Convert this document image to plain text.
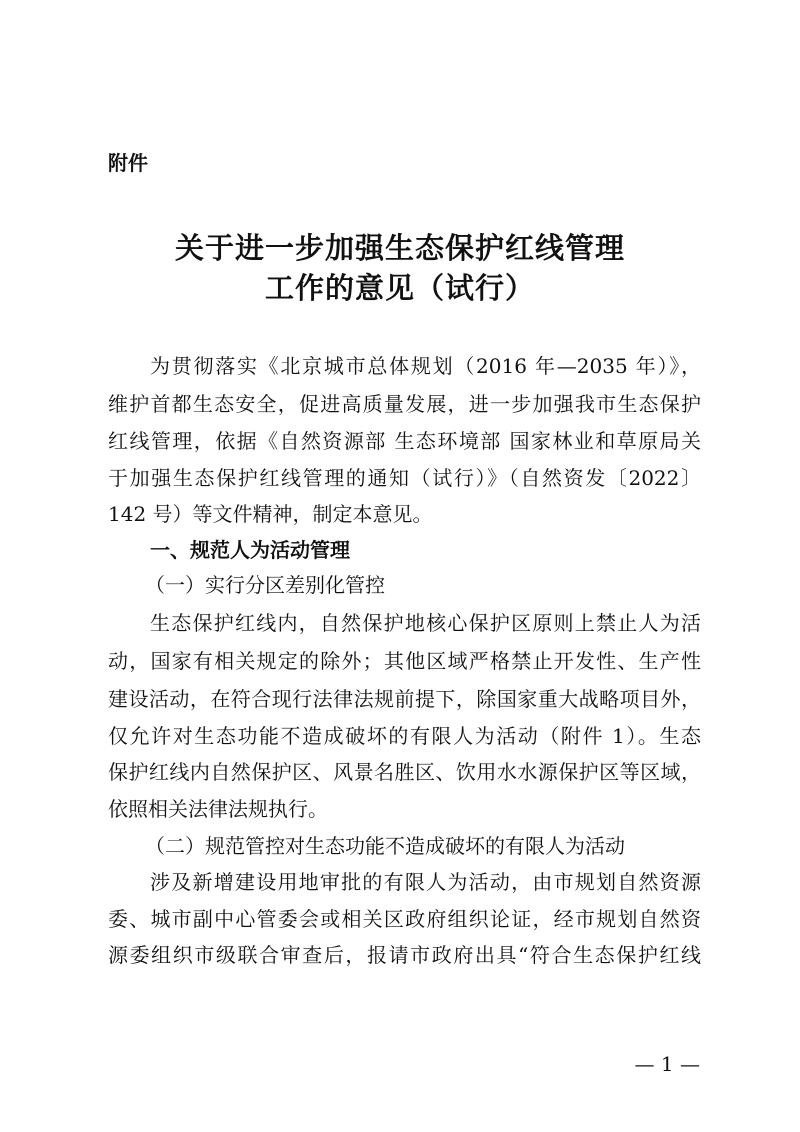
附件
关于进一步加强生态保护红线管理
工作的意见（试行）
为贯彻落实《北京城市总体规划（2016 年—2035 年）》，
维护首都生态安全，促进高质量发展，进一步加强我市生态保护
红线管理，依据《自然资源部 生态环境部 国家林业和草原局关
于加强生态保护红线管理的通知（试行）》（自然资发〔2022〕
142 号）等文件精神，制定本意见。
一、规范人为活动管理
（一）实行分区差别化管控
生态保护红线内，自然保护地核心保护区原则上禁止人为活
动，国家有相关规定的除外；其他区域严格禁止开发性、生产性
建设活动，在符合现行法律法规前提下，除国家重大战略项目外，
仅允许对生态功能不造成破坏的有限人为活动（附件 1）。生态
保护红线内自然保护区、风景名胜区、饮用水水源保护区等区域，
依照相关法律法规执行。
（二）规范管控对生态功能不造成破坏的有限人为活动
涉及新增建设用地审批的有限人为活动，由市规划自然资源
委、城市副中心管委会或相关区政府组织论证，经市规划自然资
源委组织市级联合审查后，报请市政府出具“符合生态保护红线
— 1 —
